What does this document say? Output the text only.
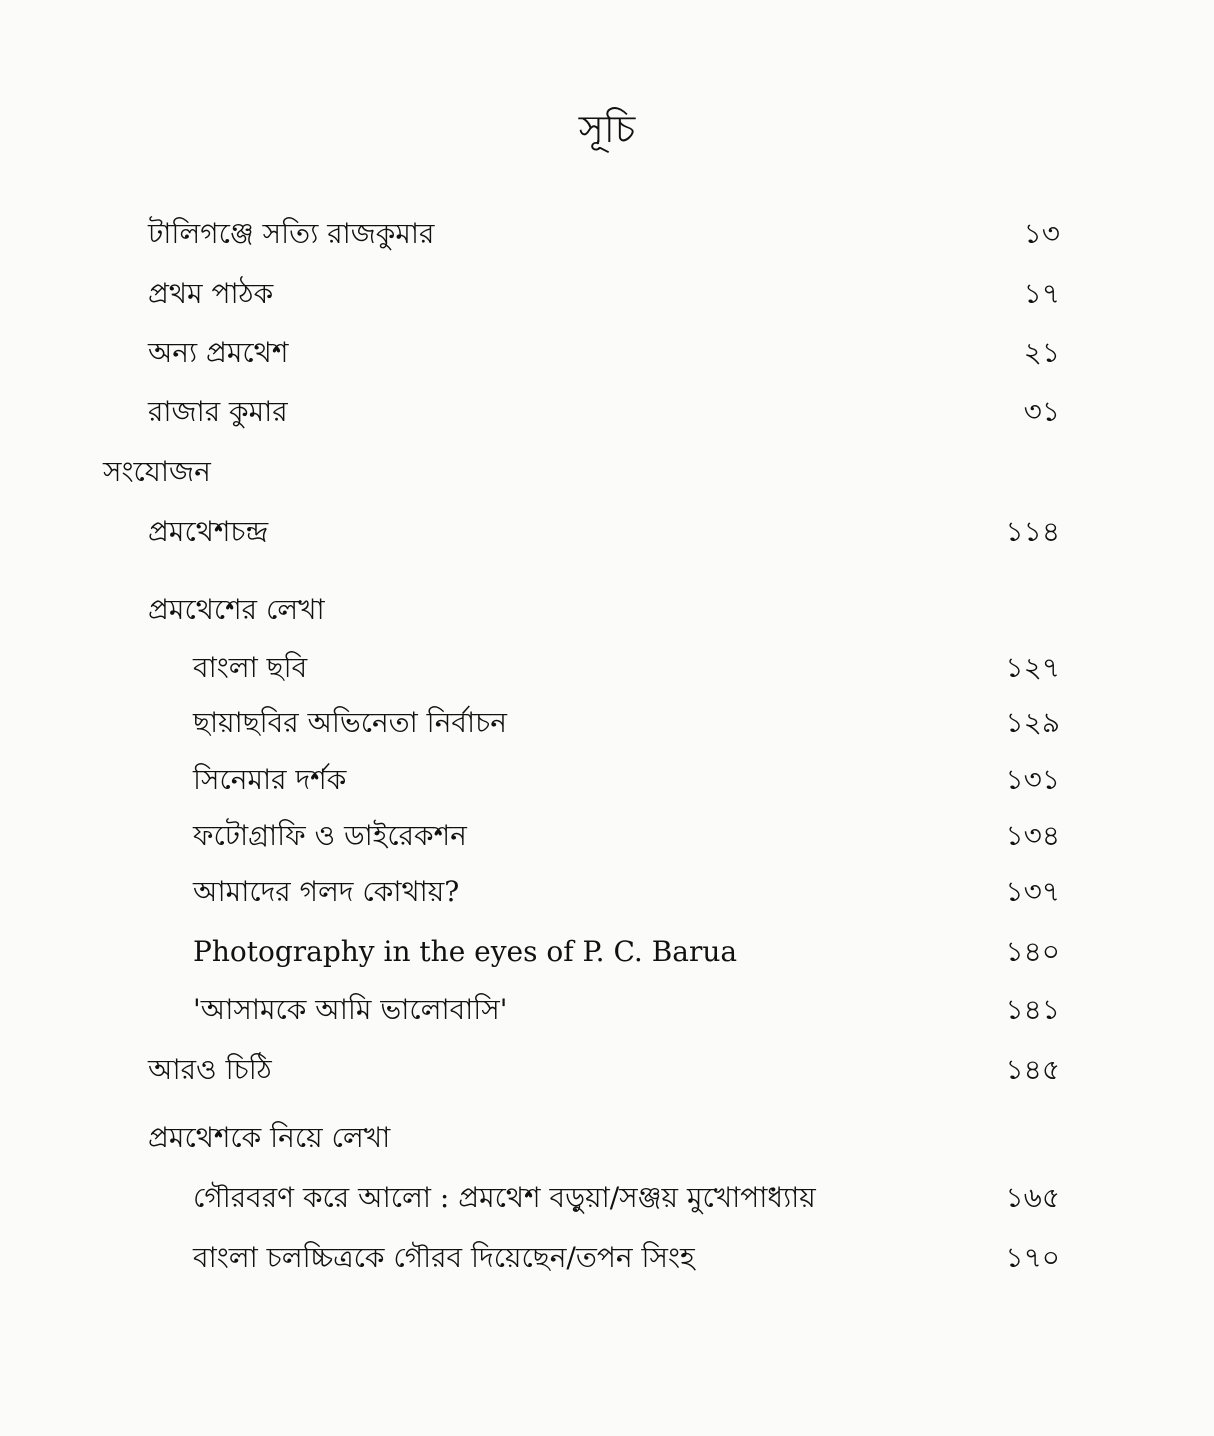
সূচি
টালিগঞ্জে সত্যি রাজকুমার	১৩
প্রথম পাঠক	১৭
অন্য প্রমথেশ	২১
রাজার কুমার	৩১
সংযোজন
প্রমথেশচন্দ্র	১১৪
প্রমথেশের লেখা
বাংলা ছবি	১২৭
ছায়াছবির অভিনেতা নির্বাচন	১২৯
সিনেমার দর্শক	১৩১
ফটোগ্রাফি ও ডাইরেকশন	১৩৪
আমাদের গলদ কোথায়?	১৩৭
Photography in the eyes of P. C. Barua	১৪০
'আসামকে আমি ভালোবাসি'	১৪১
আরও চিঠি	১৪৫
প্রমথেশকে নিয়ে লেখা
গৌরবরণ করে আলো : প্রমথেশ বড়ুয়া/সঞ্জয় মুখোপাধ্যায়	১৬৫
বাংলা চলচ্চিত্রকে গৌরব দিয়েছেন/তপন সিংহ	১৭০
